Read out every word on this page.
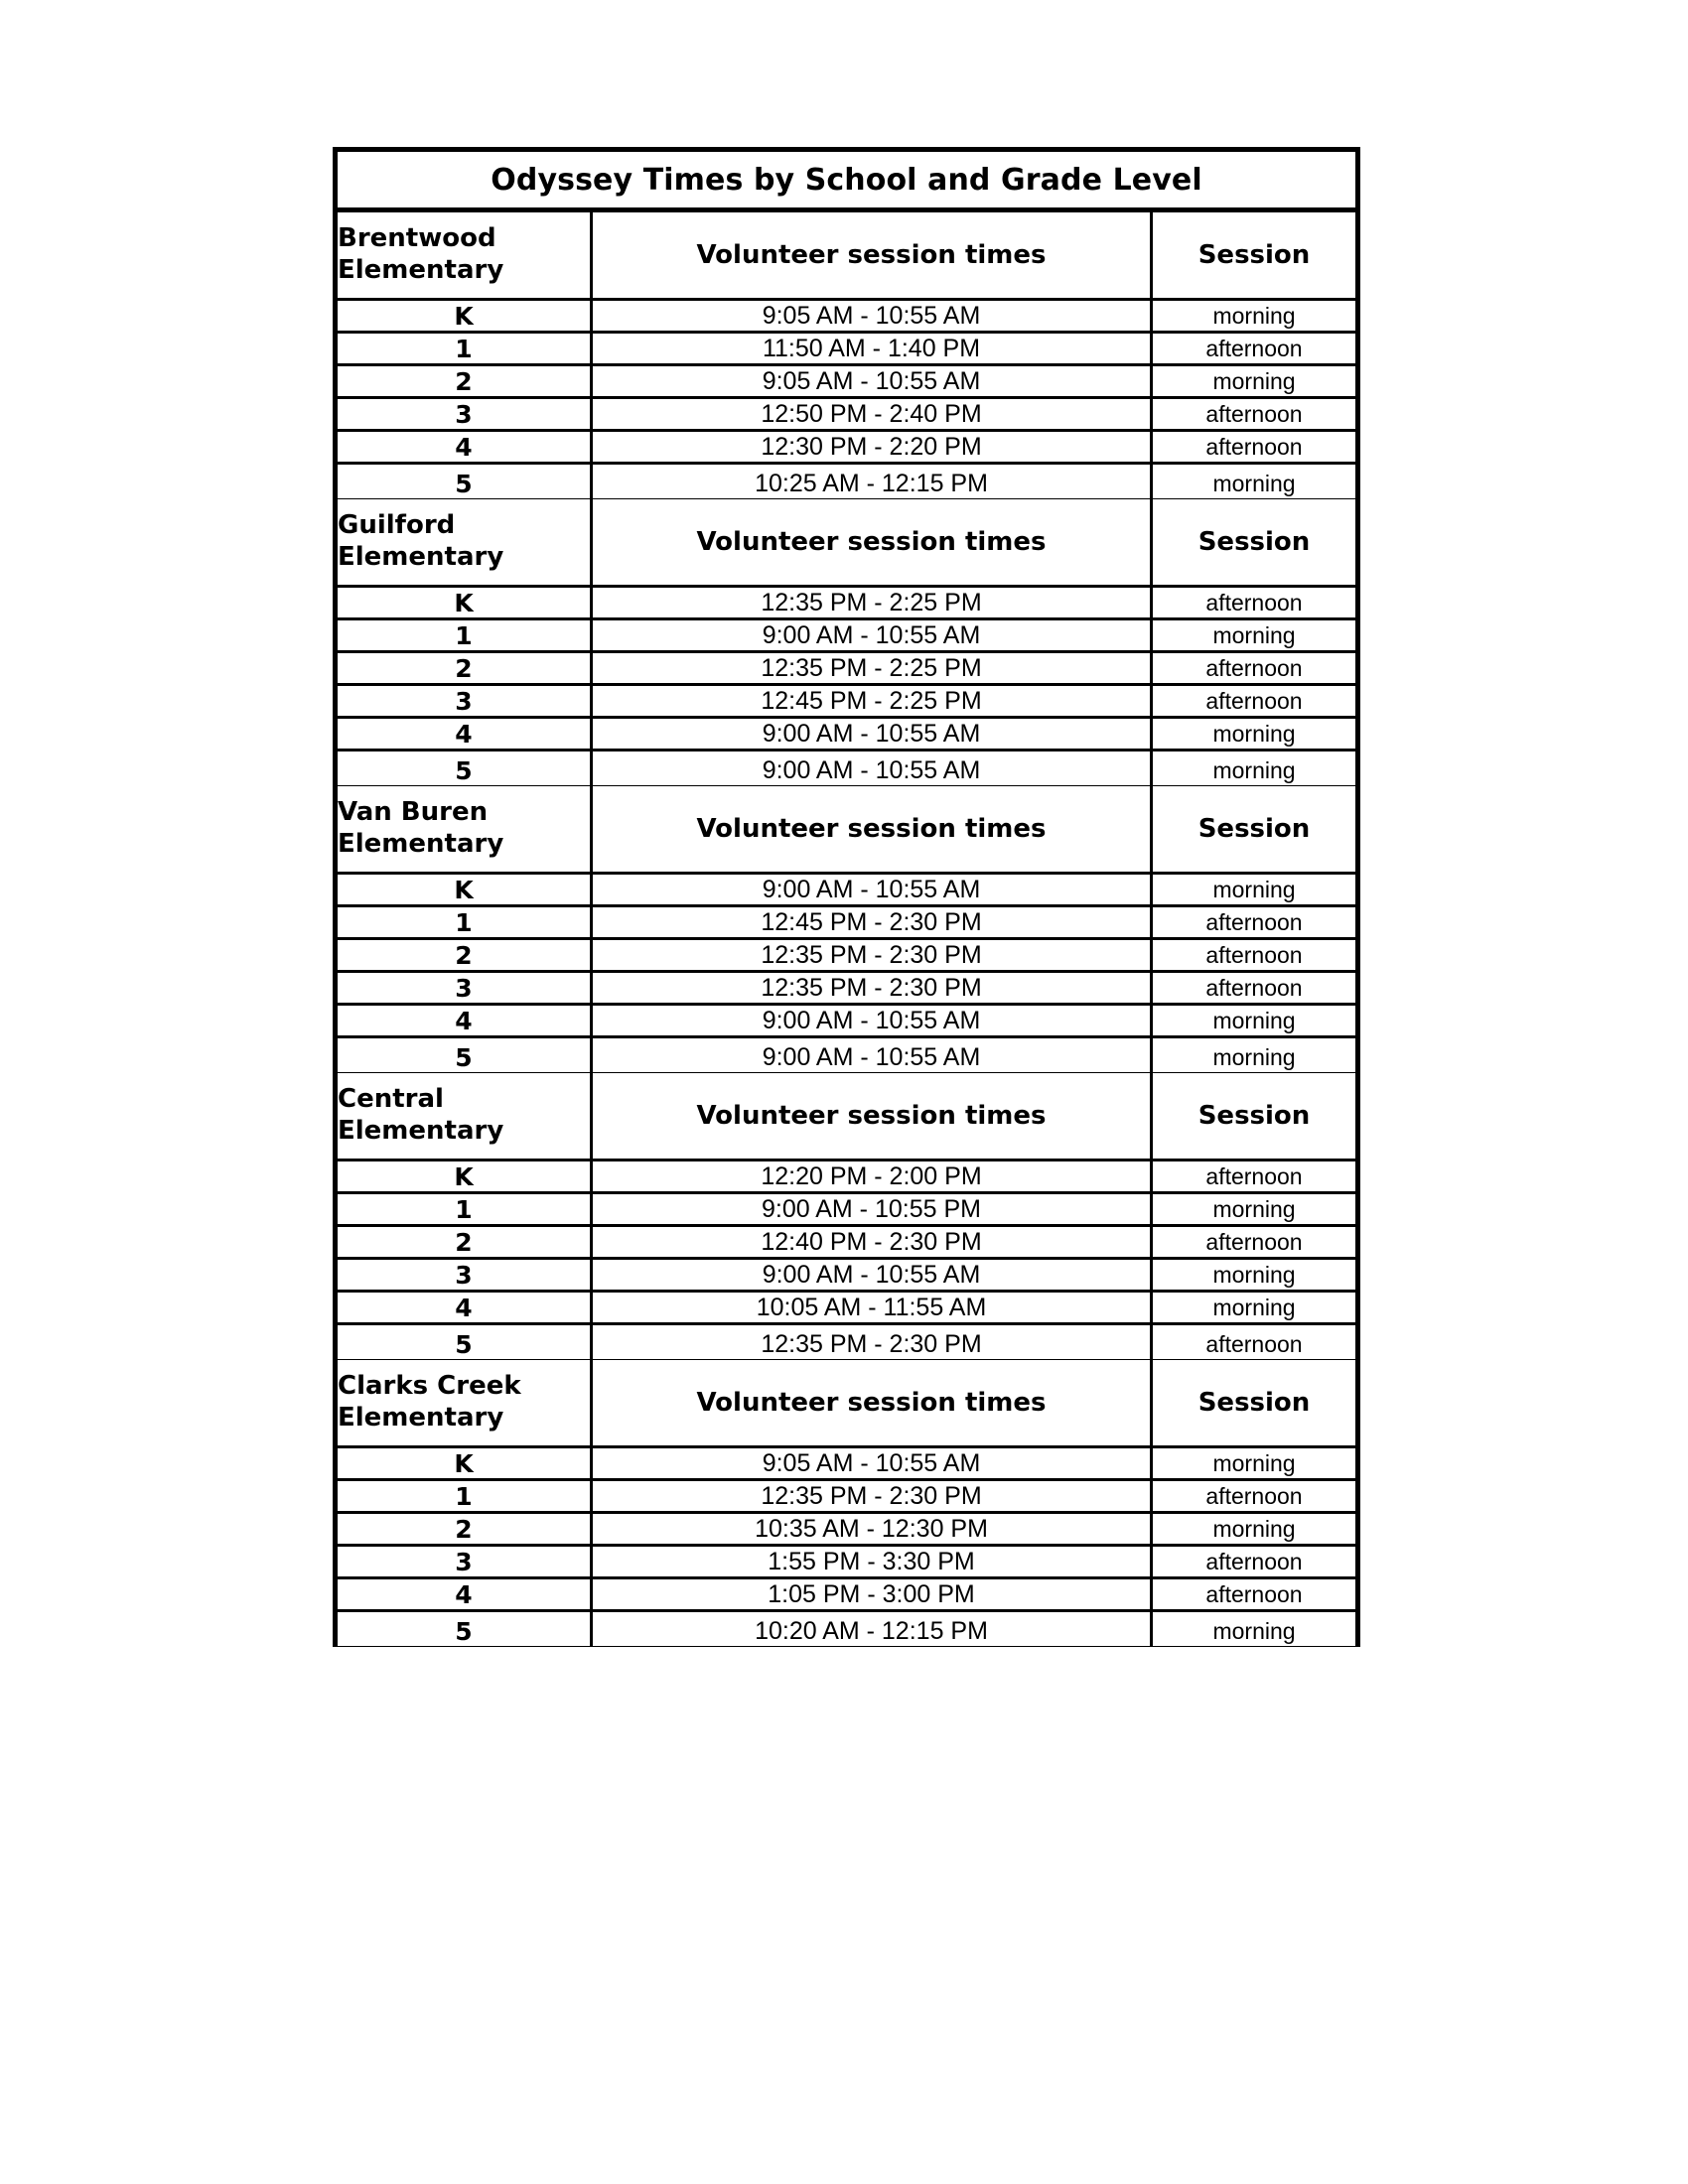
Odyssey Times by School and Grade Level		

Brentwood
Elementary	Volunteer session times	Session
K	9:05 AM - 10:55 AM	morning
1	11:50 AM - 1:40 PM	afternoon
2	9:05 AM - 10:55 AM	morning
3	12:50 PM - 2:40 PM	afternoon
4	12:30 PM - 2:20 PM	afternoon
5	10:25 AM - 12:15 PM	morning

Guilford
Elementary	Volunteer session times	Session
K	12:35 PM - 2:25 PM	afternoon
1	9:00 AM - 10:55 AM	morning
2	12:35 PM - 2:25 PM	afternoon
3	12:45 PM - 2:25 PM	afternoon
4	9:00 AM - 10:55 AM	morning
5	9:00 AM - 10:55 AM	morning

Van Buren
Elementary	Volunteer session times	Session
K	9:00 AM - 10:55 AM	morning
1	12:45 PM - 2:30 PM	afternoon
2	12:35 PM - 2:30 PM	afternoon
3	12:35 PM - 2:30 PM	afternoon
4	9:00 AM - 10:55 AM	morning
5	9:00 AM - 10:55 AM	morning

Central
Elementary	Volunteer session times	Session
K	12:20 PM - 2:00 PM	afternoon
1	9:00 AM - 10:55 PM	morning
2	12:40 PM - 2:30 PM	afternoon
3	9:00 AM - 10:55 AM	morning
4	10:05 AM - 11:55 AM	morning
5	12:35 PM - 2:30 PM	afternoon

Clarks Creek
Elementary	Volunteer session times	Session
K	9:05 AM - 10:55 AM	morning
1	12:35 PM - 2:30 PM	afternoon
2	10:35 AM - 12:30 PM	morning
3	1:55 PM - 3:30 PM	afternoon
4	1:05 PM - 3:00 PM	afternoon
5	10:20 AM - 12:15 PM	morning
